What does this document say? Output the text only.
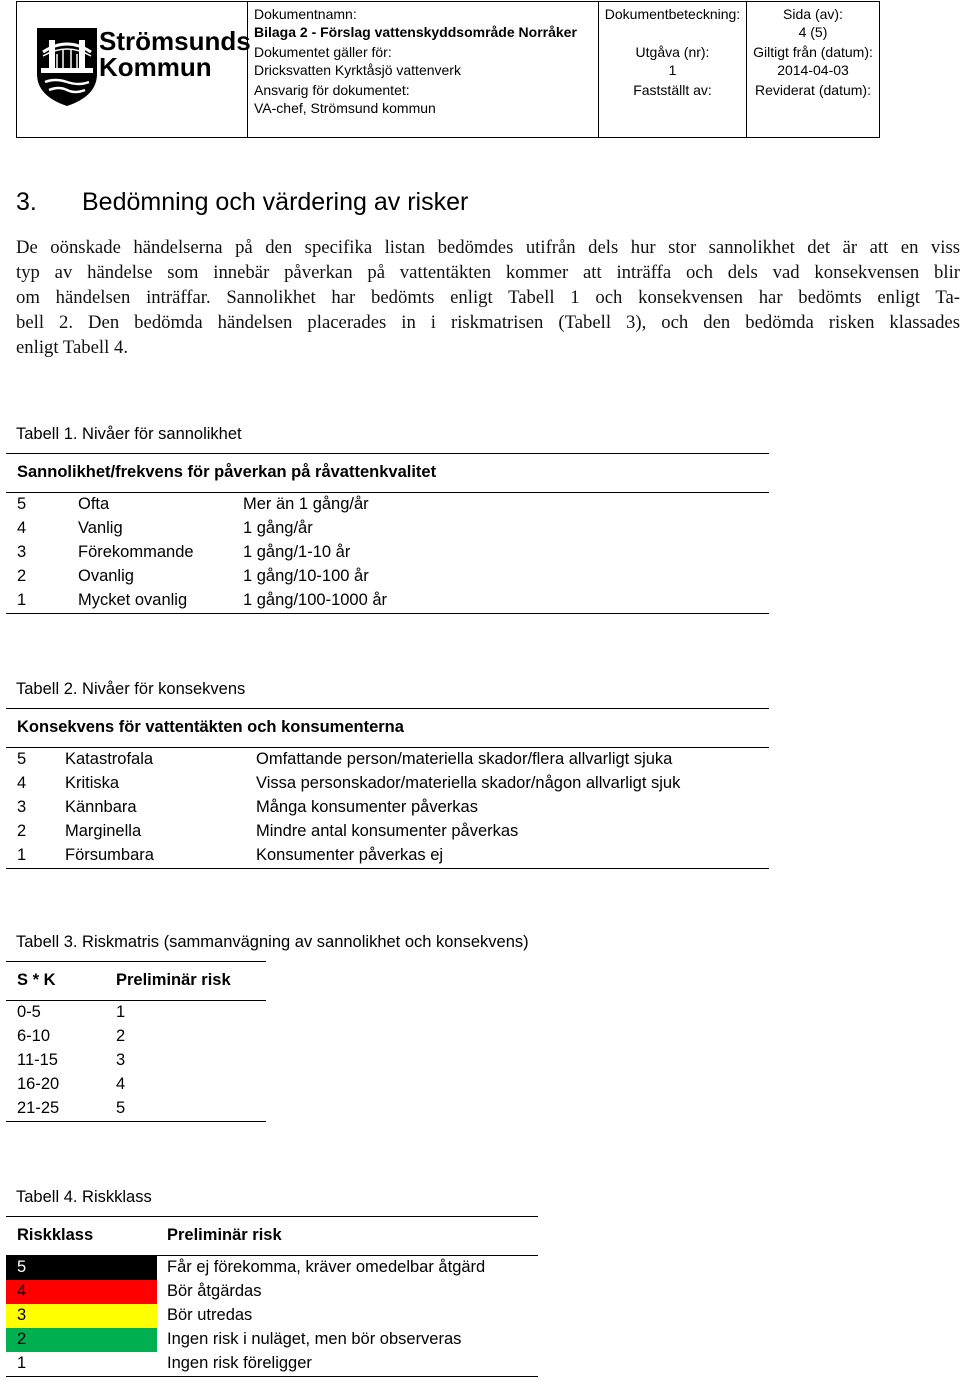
Strömsunds
Kommun
Dokumentnamn:
Bilaga 2 - Förslag vattenskyddsområde Norråker
Dokumentet gäller för:
Dricksvatten Kyrktåsjö vattenverk
Ansvarig för dokumentet:
VA-chef, Strömsund kommun
Dokumentbeteckning:
Utgåva (nr):
1
Fastställt av:
Sida (av):
4 (5)
Giltigt från (datum):
2014-04-03
Reviderat (datum):
3. Bedömning och värdering av risker
De oönskade händelserna på den specifika listan bedömdes utifrån dels hur stor sannolikhet det är att en viss
typ av händelse som innebär påverkan på vattentäkten kommer att inträffa och dels vad konsekvensen blir
om händelsen inträffar. Sannolikhet har bedömts enligt Tabell 1 och konsekvensen har bedömts enligt Ta-
bell 2. Den bedömda händelsen placerades in i riskmatrisen (Tabell 3), och den bedömda risken klassades
enligt Tabell 4.
Tabell 1. Nivåer för sannolikhet
Sannolikhet/frekvens för påverkan på råvattenkvalitet
5	Ofta	Mer än 1 gång/år
4	Vanlig	1 gång/år
3	Förekommande	1 gång/1-10 år
2	Ovanlig	1 gång/10-100 år
1	Mycket ovanlig	1 gång/100-1000 år
Tabell 2. Nivåer för konsekvens
Konsekvens för vattentäkten och konsumenterna
5 Katastrofala	Omfattande person/materiella skador/flera allvarligt sjuka
4 Kritiska	Vissa personskador/materiella skador/någon allvarligt sjuk
3 Kännbara	Många konsumenter påverkas
2 Marginella	Mindre antal konsumenter påverkas
1 Försumbara	Konsumenter påverkas ej
Tabell 3. Riskmatris (sammanvägning av sannolikhet och konsekvens)
S * K	Preliminär risk
0-5	1
6-10	2
11-15	3
16-20	4
21-25	5
Tabell 4. Riskklass
Riskklass	Preliminär risk
5	Får ej förekomma, kräver omedelbar åtgärd
4	Bör åtgärdas
3	Bör utredas
2	Ingen risk i nuläget, men bör observeras
1	Ingen risk föreligger
